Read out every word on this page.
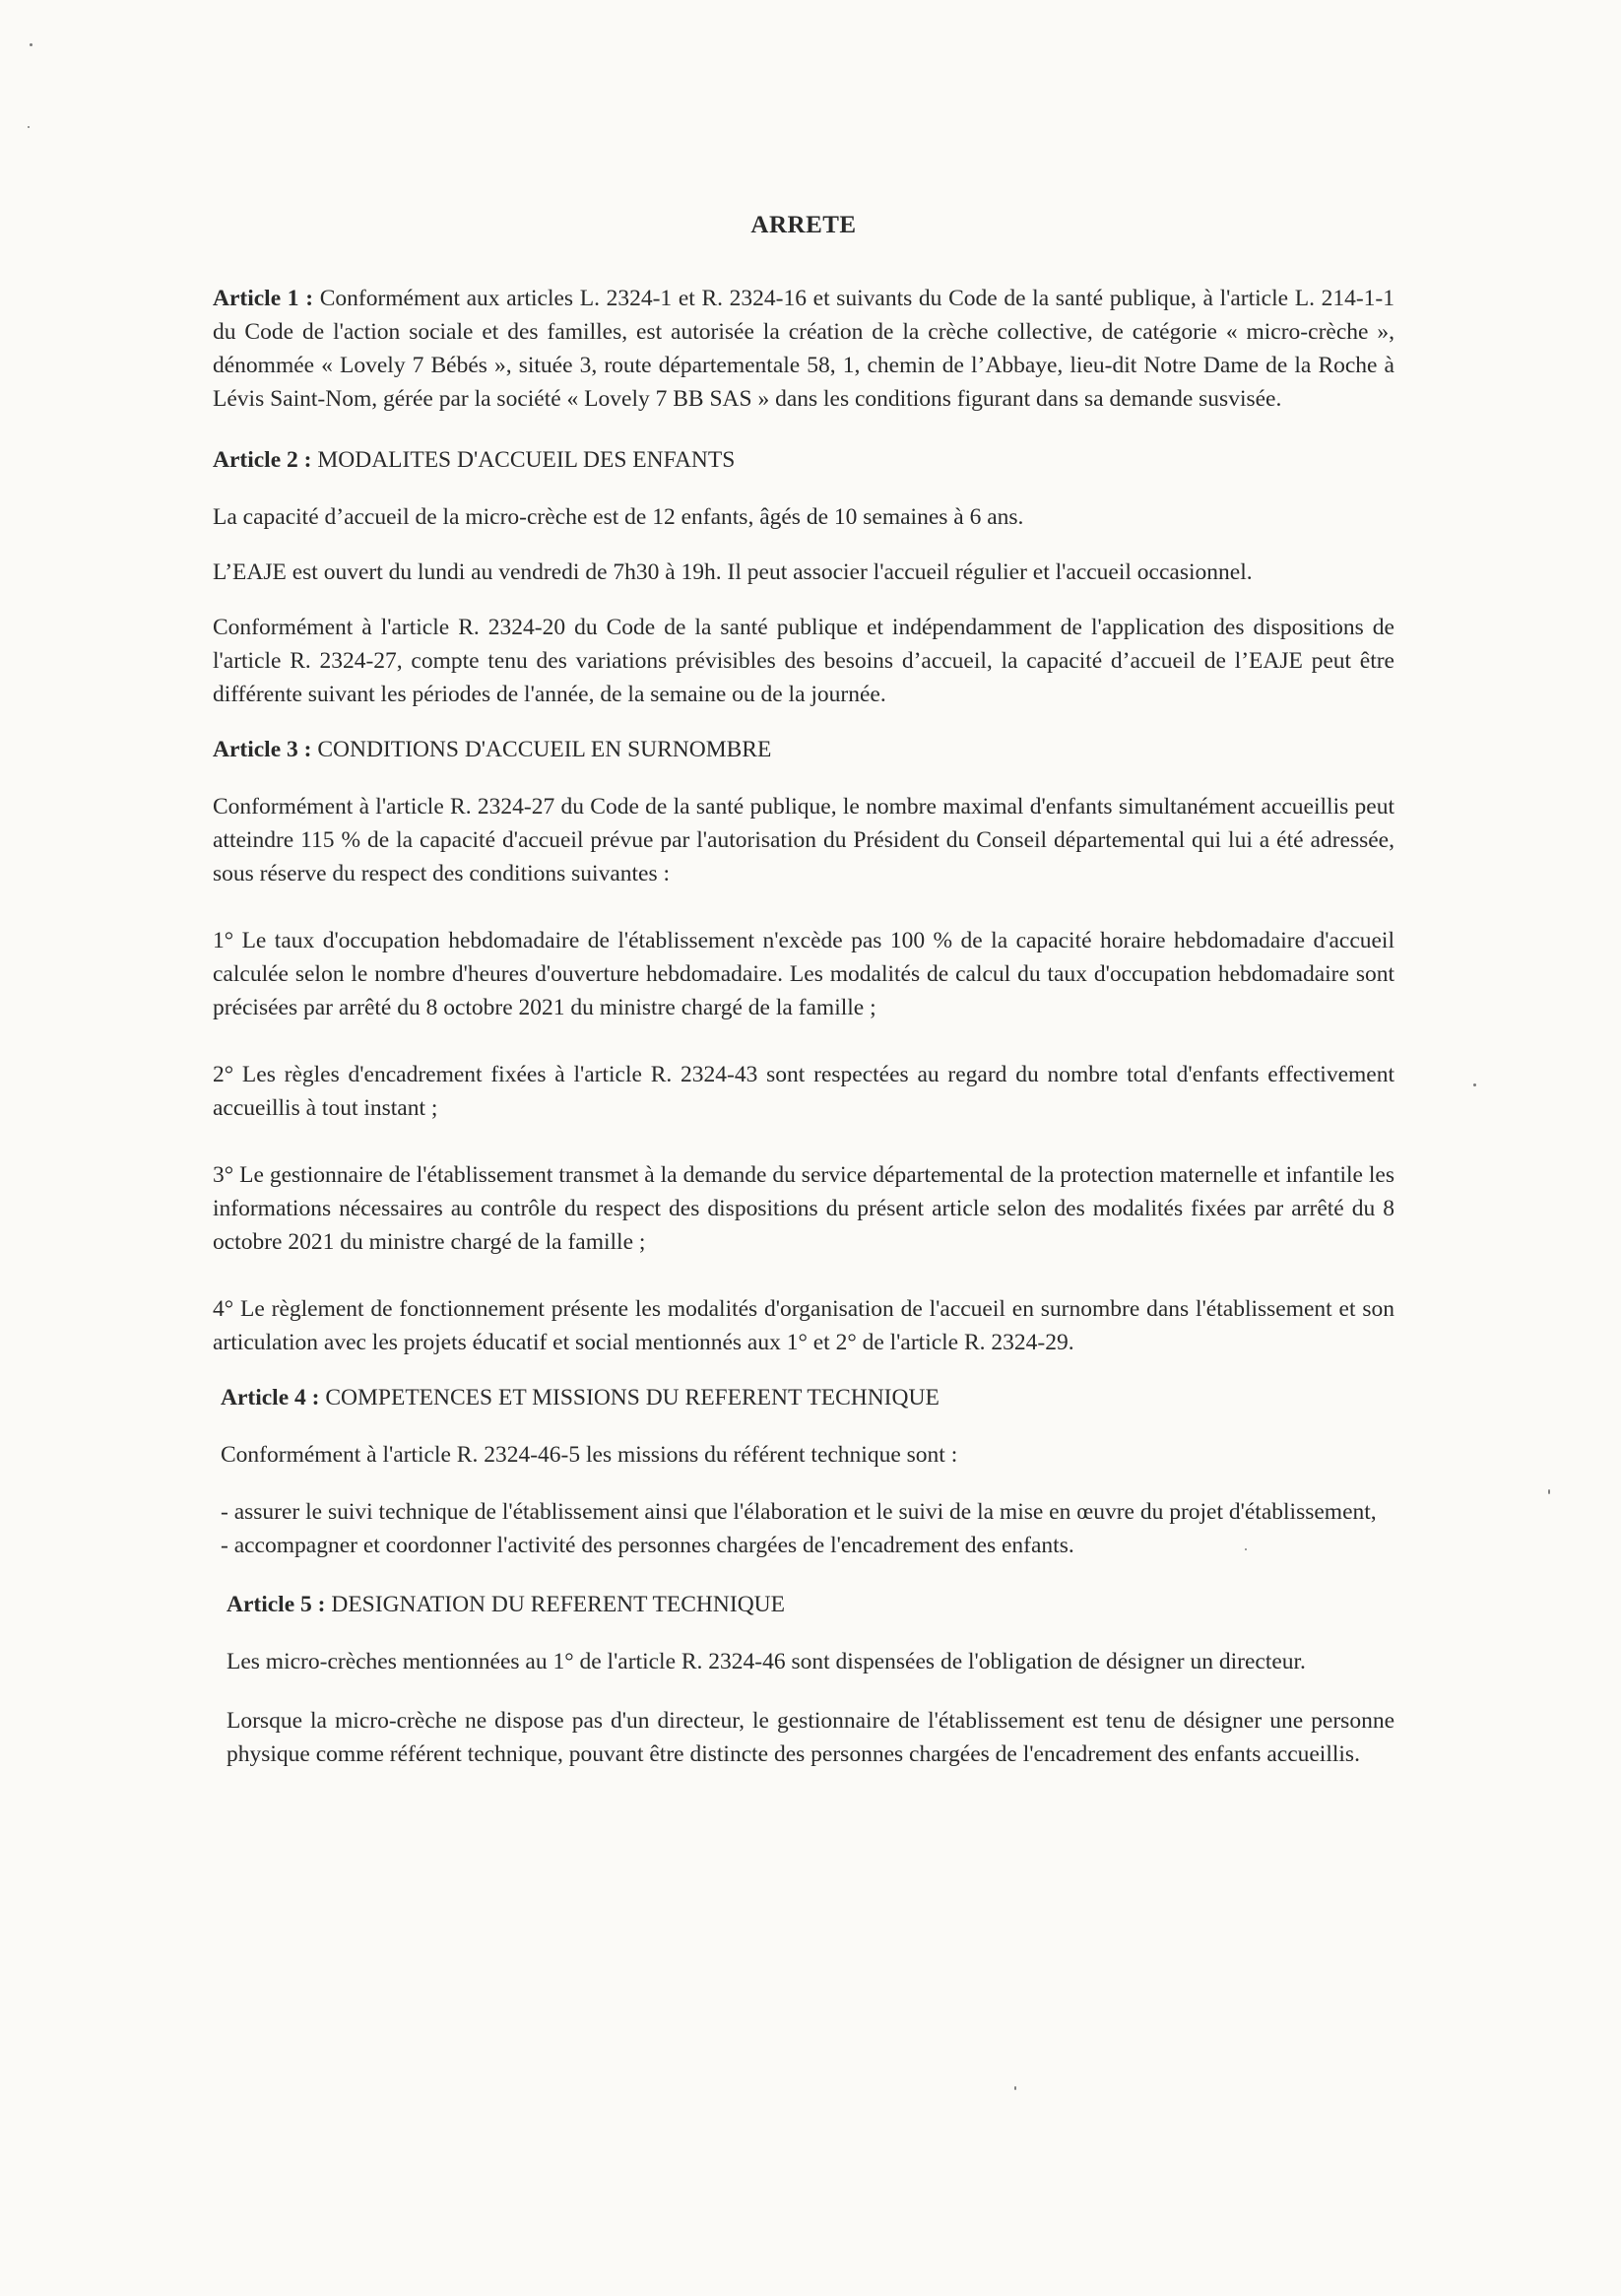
ARRETE

Article 1 : Conformément aux articles L. 2324-1 et R. 2324-16 et suivants du Code de la santé publique, à l'article L. 214-1-1 du Code de l'action sociale et des familles, est autorisée la création de la crèche collective, de catégorie « micro-crèche », dénommée « Lovely 7 Bébés », située 3, route départementale 58, 1, chemin de l’Abbaye, lieu-dit Notre Dame de la Roche à Lévis Saint-Nom, gérée par la société « Lovely 7 BB SAS » dans les conditions figurant dans sa demande susvisée.

Article 2 : MODALITES D'ACCUEIL DES ENFANTS

La capacité d’accueil de la micro-crèche est de 12 enfants, âgés de 10 semaines à 6 ans.

L’EAJE est ouvert du lundi au vendredi de 7h30 à 19h. Il peut associer l'accueil régulier et l'accueil occasionnel.

Conformément à l'article R. 2324-20 du Code de la santé publique et indépendamment de l'application des dispositions de l'article R. 2324-27, compte tenu des variations prévisibles des besoins d’accueil, la capacité d’accueil de l’EAJE peut être différente suivant les périodes de l'année, de la semaine ou de la journée.

Article 3 : CONDITIONS D'ACCUEIL EN SURNOMBRE

Conformément à l'article R. 2324-27 du Code de la santé publique, le nombre maximal d'enfants simultanément accueillis peut atteindre 115 % de la capacité d'accueil prévue par l'autorisation du Président du Conseil départemental qui lui a été adressée, sous réserve du respect des conditions suivantes :

1° Le taux d'occupation hebdomadaire de l'établissement n'excède pas 100 % de la capacité horaire hebdomadaire d'accueil calculée selon le nombre d'heures d'ouverture hebdomadaire. Les modalités de calcul du taux d'occupation hebdomadaire sont précisées par arrêté du 8 octobre 2021 du ministre chargé de la famille ;

2° Les règles d'encadrement fixées à l'article R. 2324-43 sont respectées au regard du nombre total d'enfants effectivement accueillis à tout instant ;

3° Le gestionnaire de l'établissement transmet à la demande du service départemental de la protection maternelle et infantile les informations nécessaires au contrôle du respect des dispositions du présent article selon des modalités fixées par arrêté du 8 octobre 2021 du ministre chargé de la famille ;

4° Le règlement de fonctionnement présente les modalités d'organisation de l'accueil en surnombre dans l'établissement et son articulation avec les projets éducatif et social mentionnés aux 1° et 2° de l'article R. 2324-29.

Article 4 : COMPETENCES ET MISSIONS DU REFERENT TECHNIQUE

Conformément à l'article R. 2324-46-5 les missions du référent technique sont :

- assurer le suivi technique de l'établissement ainsi que l'élaboration et le suivi de la mise en œuvre du projet d'établissement,

- accompagner et coordonner l'activité des personnes chargées de l'encadrement des enfants.

Article 5 : DESIGNATION DU REFERENT TECHNIQUE

Les micro-crèches mentionnées au 1° de l'article R. 2324-46 sont dispensées de l'obligation de désigner un directeur.

Lorsque la micro-crèche ne dispose pas d'un directeur, le gestionnaire de l'établissement est tenu de désigner une personne physique comme référent technique, pouvant être distincte des personnes chargées de l'encadrement des enfants accueillis.
